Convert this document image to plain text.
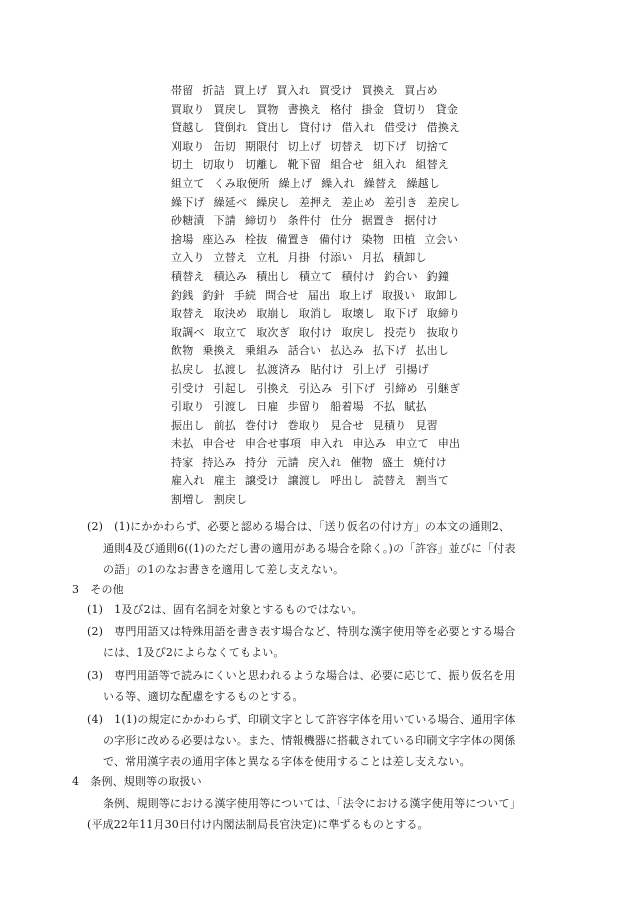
帯留 折詰 買上げ 買入れ 買受け 買換え 買占め
買取り 買戻し 買物 書換え 格付 掛金 貸切り 貸金
貸越し 貸倒れ 貸出し 貸付け 借入れ 借受け 借換え
刈取り 缶切 期限付 切上げ 切替え 切下げ 切捨て
切土 切取り 切離し 靴下留 組合せ 組入れ 組替え
組立て くみ取便所 繰上げ 繰入れ 繰替え 繰越し
繰下げ 繰延べ 繰戻し 差押え 差止め 差引き 差戻し
砂糖漬 下請 締切り 条件付 仕分 据置き 据付け
捨場 座込み 栓抜 備置き 備付け 染物 田植 立会い
立入り 立替え 立札 月掛 付添い 月払 積卸し
積替え 積込み 積出し 積立て 積付け 釣合い 釣鐘
釣銭 釣針 手続 問合せ 届出 取上げ 取扱い 取卸し
取替え 取決め 取崩し 取消し 取壊し 取下げ 取締り
取調べ 取立て 取次ぎ 取付け 取戻し 投売り 抜取り
飲物 乗換え 乗組み 話合い 払込み 払下げ 払出し
払戻し 払渡し 払渡済み 貼付け 引上げ 引揚げ
引受け 引起し 引換え 引込み 引下げ 引締め 引継ぎ
引取り 引渡し 日雇 歩留り 船着場 不払 賦払
振出し 前払 巻付け 巻取り 見合せ 見積り 見習
未払 申合せ 申合せ事項 申入れ 申込み 申立て 申出
持家 持込み 持分 元請 戻入れ 催物 盛土 焼付け
雇入れ 雇主 譲受け 譲渡し 呼出し 読替え 割当て
割増し 割戻し
(2)　(1)にかかわらず、必要と認める場合は、「送り仮名の付け方」の本文の通則2、
通則4及び通則6((1)のただし書の適用がある場合を除く。)の「許容」並びに「付表
の語」の1のなお書きを適用して差し支えない。
3　その他
(1)　1及び2は、固有名詞を対象とするものではない。
(2)　専門用語又は特殊用語を書き表す場合など、特別な漢字使用等を必要とする場合
には、1及び2によらなくてもよい。
(3)　専門用語等で読みにくいと思われるような場合は、必要に応じて、振り仮名を用
いる等、適切な配慮をするものとする。
(4)　1(1)の規定にかかわらず、印刷文字として許容字体を用いている場合、通用字体
の字形に改める必要はない。また、情報機器に搭載されている印刷文字字体の関係
で、常用漢字表の通用字体と異なる字体を使用することは差し支えない。
4　条例、規則等の取扱い
条例、規則等における漢字使用等については、「法令における漢字使用等について」
(平成22年11月30日付け内閣法制局長官決定)に準ずるものとする。
